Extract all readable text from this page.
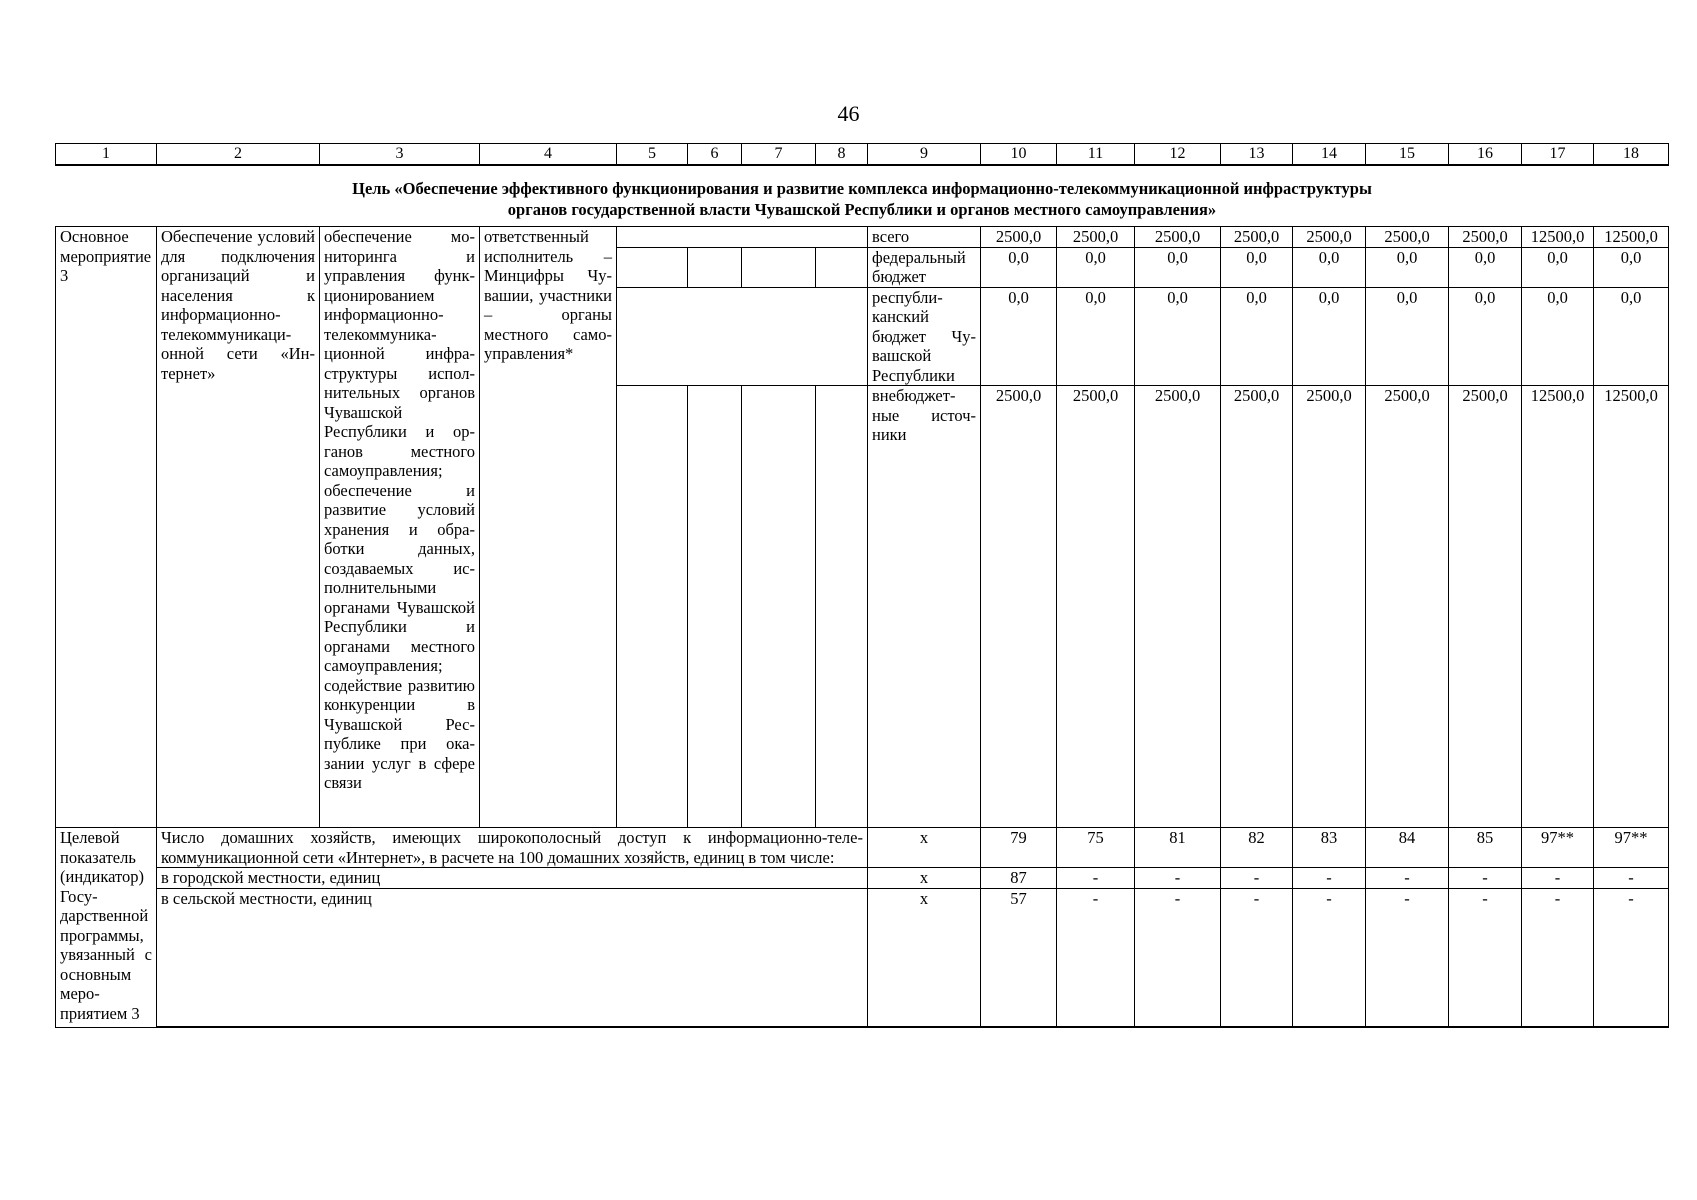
46
1	2	3	4	5	6	7	8	9	10	11	12	13	14	15	16	17	18

Цель «Обеспечение эффективного функционирования и развитие комплекса информационно-телекоммуникационной инфраструктуры
органов государственной власти Чувашской Республики и органов местного самоуправления»																	

Основное мероприятие 3	Обеспечение условий для подключения организаций и населения к информационно-телекоммуникационной сети «Интернет»	обеспечение мониторинга и управления функционированием информационно-телекоммуникационной инфраструктуры исполнительных органов Чувашской Республики и органов местного самоуправления; обеспечение и развитие условий хранения и обработки данных, создаваемых исполнительными органами Чувашской Республики и органами местного самоуправления; содействие развитию конкуренции в Чувашской Республике при оказании услуг в сфере связи	ответственный исполнитель – Минцифры Чувашии, участники – органы местного самоуправления*					всего	2500,0	2500,0	2500,0	2500,0	2500,0	2500,0	2500,0	12500,0	12500,0
								федеральный бюджет	0,0	0,0	0,0	0,0	0,0	0,0	0,0	0,0	0,0
								республиканский бюджет Чувашской Республики	0,0	0,0	0,0	0,0	0,0	0,0	0,0	0,0	0,0
								внебюджетные источники	2500,0	2500,0	2500,0	2500,0	2500,0	2500,0	2500,0	12500,0	12500,0
Целевой показатель (индикатор) Государственной программы, увязанный с основным мероприятием 3	Число домашних хозяйств, имеющих широкополосный доступ к информационно-телекоммуникационной сети «Интернет», в расчете на 100 домашних хозяйств, единиц в том числе:							х	79	75	81	82	83	84	85	97**	97**
	в городской местности, единиц							х	87	-	-	-	-	-	-	-	-
	в сельской местности, единиц							х	57	-	-	-	-	-	-	-	-
